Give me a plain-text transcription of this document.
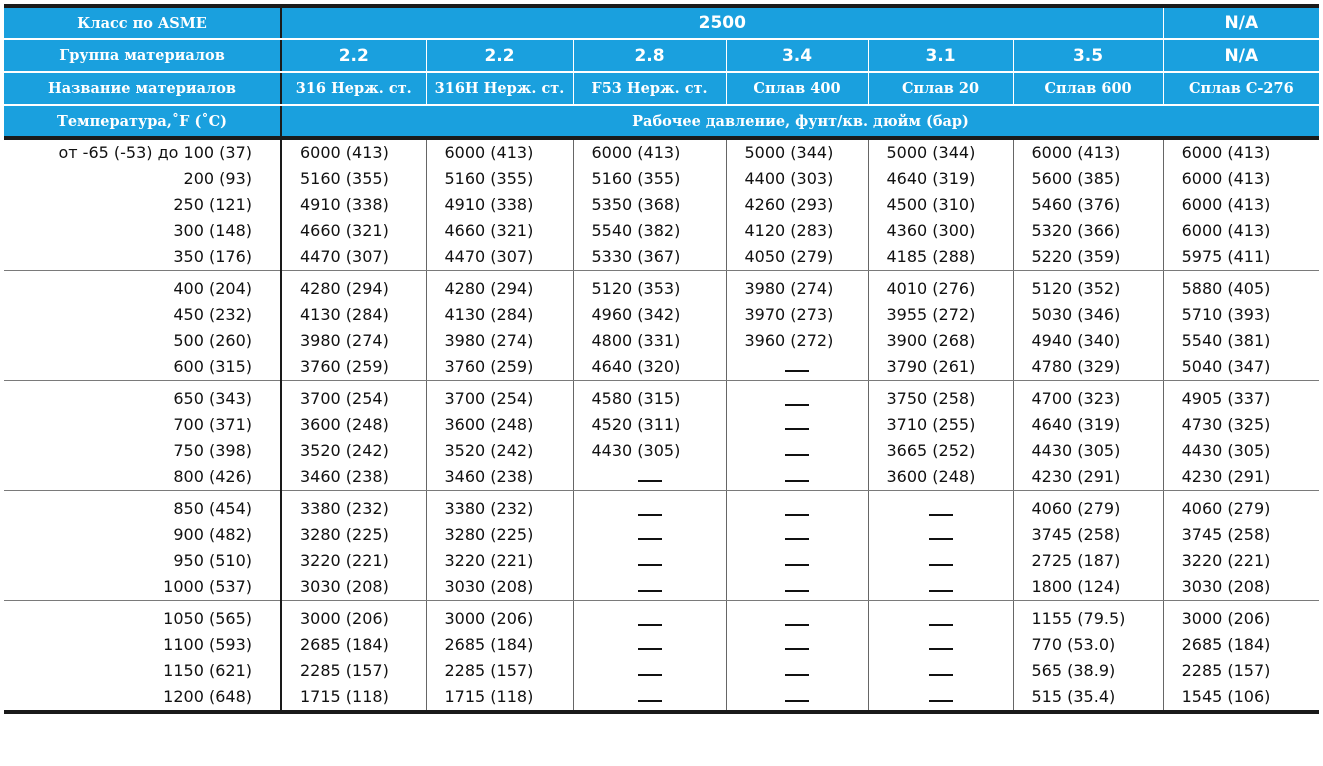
Класс по ASME	2500						N/A
Группа материалов	2.2	2.2	2.8	3.4	3.1	3.5	N/A
Название материалов	316 Нерж. ст.	316H Нерж. ст.	F53 Нерж. ст.	Сплав 400	Сплав 20	Сплав 600	Сплав C-276
Температура,˚F (˚C)	Рабочее давление, фунт/кв. дюйм (бар)						
от -65 (-53) до 100 (37)	6000 (413)	6000 (413)	6000 (413)	5000 (344)	5000 (344)	6000 (413)	6000 (413)
200 (93)	5160 (355)	5160 (355)	5160 (355)	4400 (303)	4640 (319)	5600 (385)	6000 (413)
250 (121)	4910 (338)	4910 (338)	5350 (368)	4260 (293)	4500 (310)	5460 (376)	6000 (413)
300 (148)	4660 (321)	4660 (321)	5540 (382)	4120 (283)	4360 (300)	5320 (366)	6000 (413)
350 (176)	4470 (307)	4470 (307)	5330 (367)	4050 (279)	4185 (288)	5220 (359)	5975 (411)
400 (204)	4280 (294)	4280 (294)	5120 (353)	3980 (274)	4010 (276)	5120 (352)	5880 (405)
450 (232)	4130 (284)	4130 (284)	4960 (342)	3970 (273)	3955 (272)	5030 (346)	5710 (393)
500 (260)	3980 (274)	3980 (274)	4800 (331)	3960 (272)	3900 (268)	4940 (340)	5540 (381)
600 (315)	3760 (259)	3760 (259)	4640 (320)		3790 (261)	4780 (329)	5040 (347)
650 (343)	3700 (254)	3700 (254)	4580 (315)		3750 (258)	4700 (323)	4905 (337)
700 (371)	3600 (248)	3600 (248)	4520 (311)		3710 (255)	4640 (319)	4730 (325)
750 (398)	3520 (242)	3520 (242)	4430 (305)		3665 (252)	4430 (305)	4430 (305)
800 (426)	3460 (238)	3460 (238)			3600 (248)	4230 (291)	4230 (291)
850 (454)	3380 (232)	3380 (232)				4060 (279)	4060 (279)
900 (482)	3280 (225)	3280 (225)				3745 (258)	3745 (258)
950 (510)	3220 (221)	3220 (221)				2725 (187)	3220 (221)
1000 (537)	3030 (208)	3030 (208)				1800 (124)	3030 (208)
1050 (565)	3000 (206)	3000 (206)				1155 (79.5)	3000 (206)
1100 (593)	2685 (184)	2685 (184)				770 (53.0)	2685 (184)
1150 (621)	2285 (157)	2285 (157)				565 (38.9)	2285 (157)
1200 (648)	1715 (118)	1715 (118)				515 (35.4)	1545 (106)
